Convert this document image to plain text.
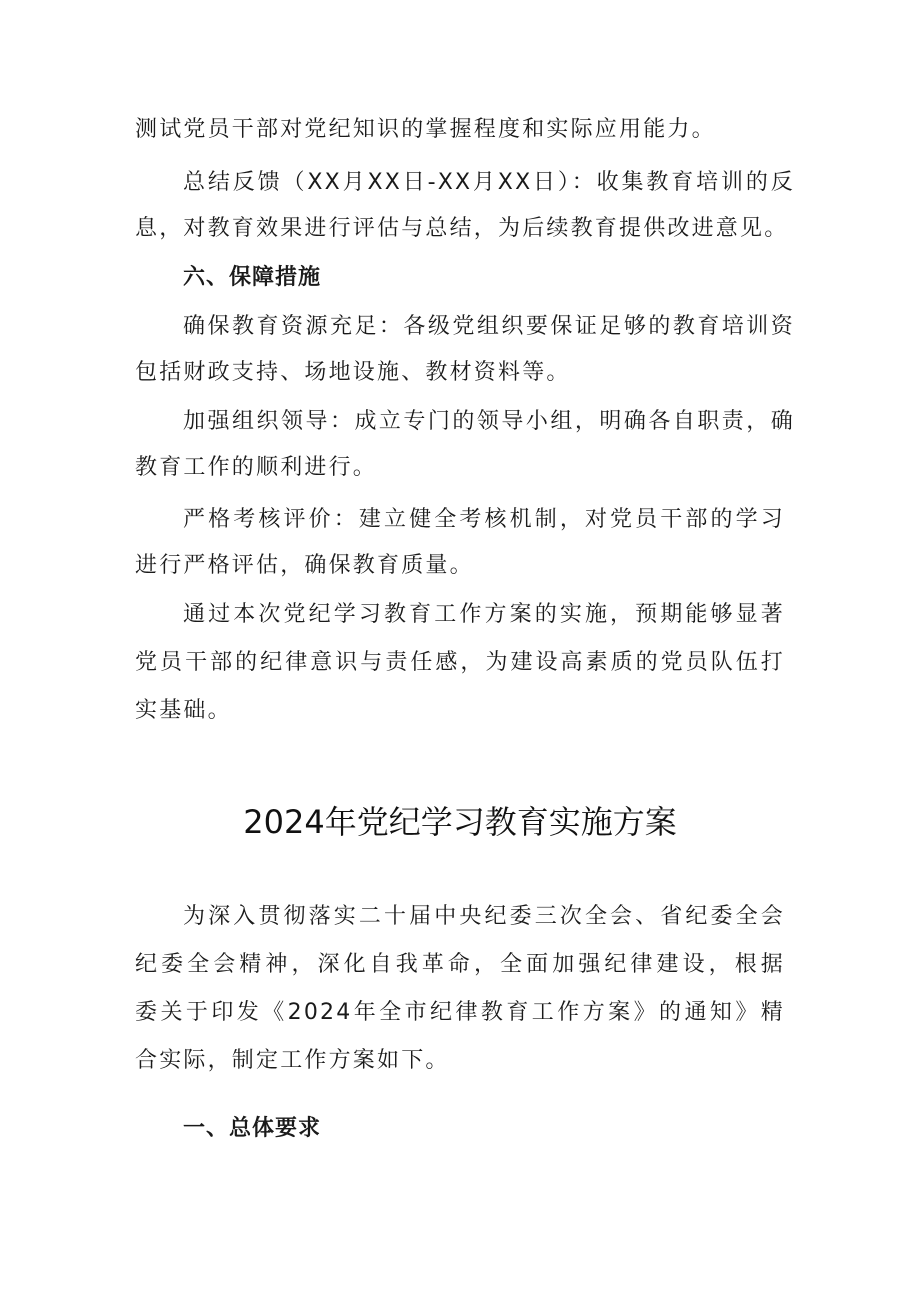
测试党员干部对党纪知识的掌握程度和实际应用能力。
总结反馈（XX月XX日-XX月XX日）：收集教育培训的反
息，对教育效果进行评估与总结，为后续教育提供改进意见。
六、保障措施
确保教育资源充足：各级党组织要保证足够的教育培训资
包括财政支持、场地设施、教材资料等。
加强组织领导：成立专门的领导小组，明确各自职责，确
教育工作的顺利进行。
严格考核评价：建立健全考核机制，对党员干部的学习
进行严格评估，确保教育质量。
通过本次党纪学习教育工作方案的实施，预期能够显著
党员干部的纪律意识与责任感，为建设高素质的党员队伍打
实基础。
2024年党纪学习教育实施方案
为深入贯彻落实二十届中央纪委三次全会、省纪委全会
纪委全会精神，深化自我革命，全面加强纪律建设，根据
委关于印发《2024年全市纪律教育工作方案》的通知》精
合实际，制定工作方案如下。
一、总体要求
